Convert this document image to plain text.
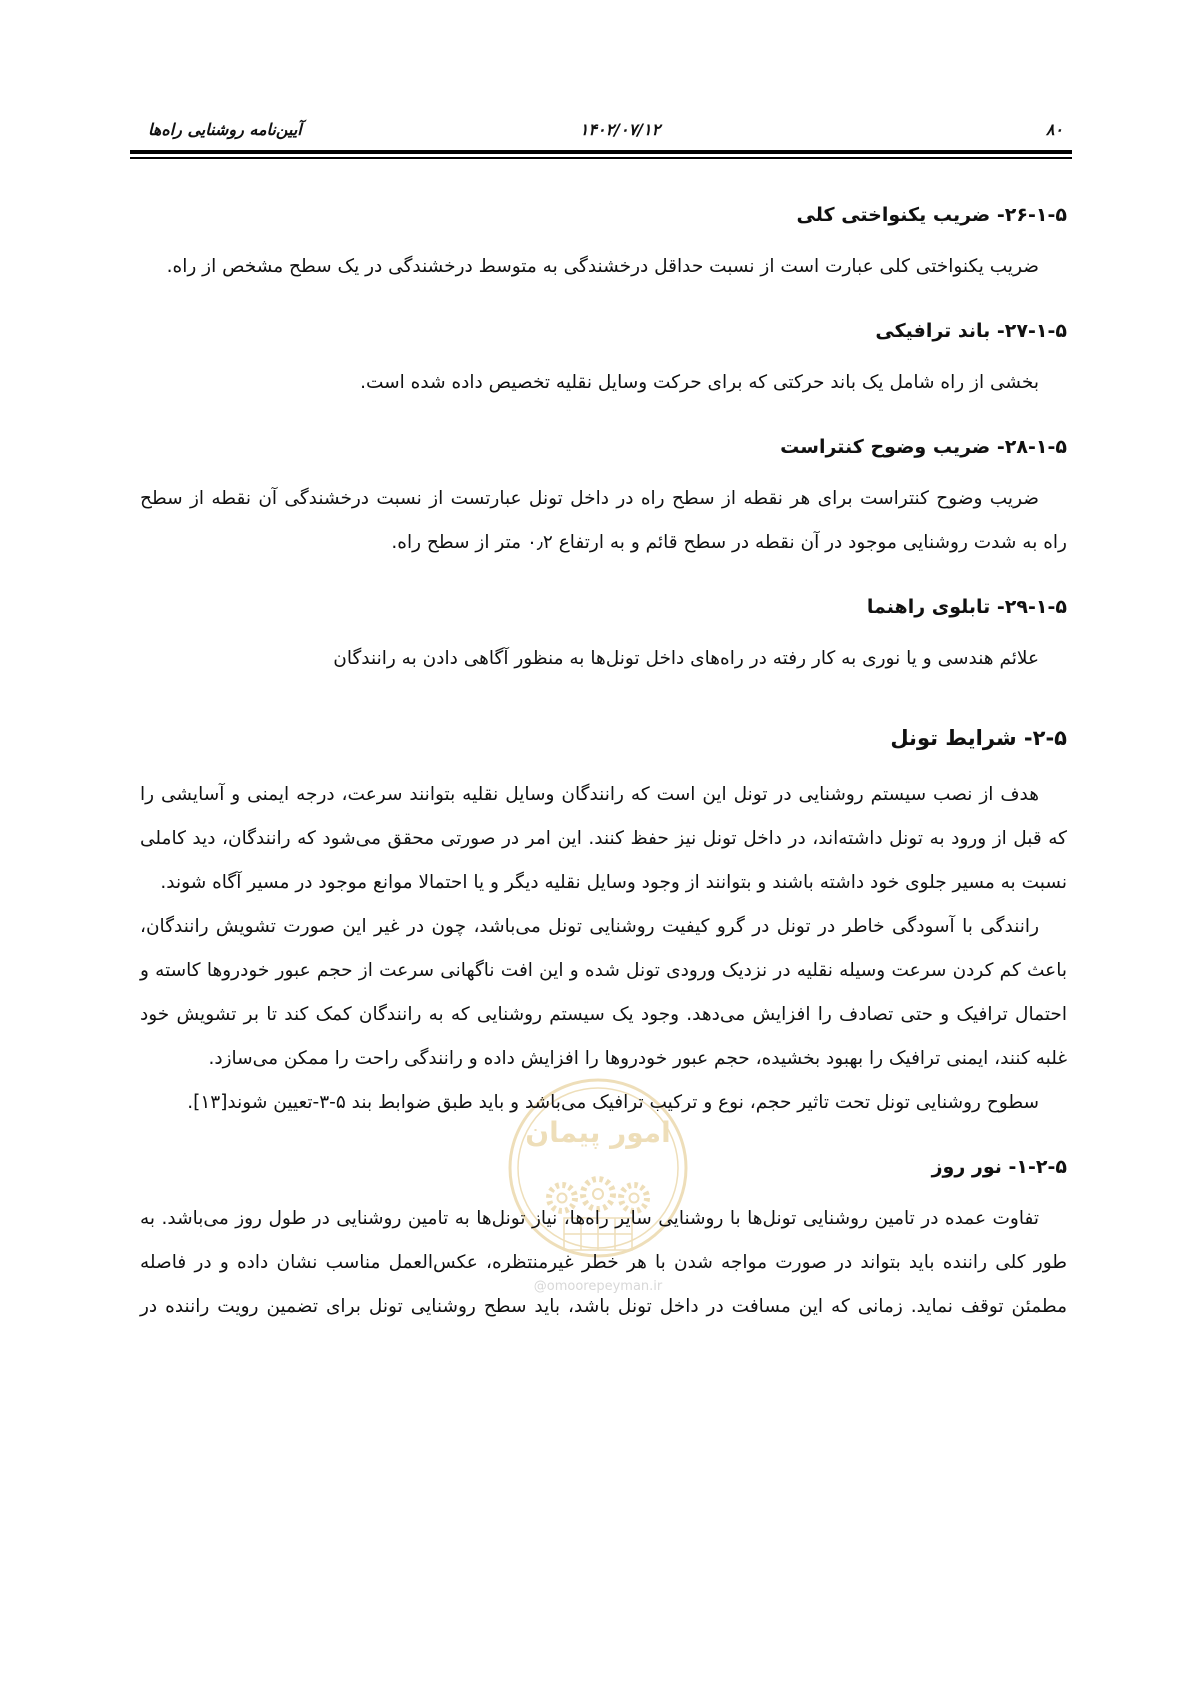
۸۰
۱۴۰۲/۰۷/۱۲
آیین‌نامه روشنایی راه‌ها
امور پیمان
@omoorepeyman.ir
۵-۱-۲۶- ضریب یکنواختی کلی

ضریب یکنواختی کلی عبارت است از نسبت حداقل درخشندگی به متوسط درخشندگی در یک سطح مشخص از راه.

۵-۱-۲۷- باند ترافیکی

بخشی از راه شامل یک باند حرکتی که برای حرکت وسایل نقلیه تخصیص داده شده است.

۵-۱-۲۸- ضریب وضوح کنتراست

ضریب وضوح کنتراست برای هر نقطه از سطح راه در داخل تونل عبارتست از نسبت درخشندگی آن نقطه از سطح راه به شدت روشنایی موجود در آن نقطه در سطح قائم و به ارتفاع ۰٫۲ متر از سطح راه.

۵-۱-۲۹- تابلوی راهنما

علائم هندسی و یا نوری به کار رفته در راه‌های داخل تونل‌ها به منظور آگاهی دادن به رانندگان

۵-۲- شرایط تونل

هدف از نصب سیستم روشنایی در تونل این است که رانندگان وسایل نقلیه بتوانند سرعت، درجه ایمنی و آسایشی را که قبل از ورود به تونل داشته‌اند، در داخل تونل نیز حفظ کنند. این امر در صورتی محقق می‌شود که رانندگان، دید کاملی نسبت به مسیر جلوی خود داشته باشند و بتوانند از وجود وسایل نقلیه دیگر و یا احتمالا موانع موجود در مسیر آگاه شوند.

رانندگی با آسودگی خاطر در تونل در گرو کیفیت روشنایی تونل می‌باشد، چون در غیر این صورت تشویش رانندگان، باعث کم کردن سرعت وسیله نقلیه در نزدیک ورودی تونل شده و این افت ناگهانی سرعت از حجم عبور خودروها کاسته و احتمال ترافیک و حتی تصادف را افزایش می‌دهد. وجود یک سیستم روشنایی که به رانندگان کمک کند تا بر تشویش خود غلبه کنند، ایمنی ترافیک را بهبود بخشیده، حجم عبور خودروها را افزایش داده و رانندگی راحت را ممکن می‌سازد.

سطوح روشنایی تونل تحت تاثیر حجم، نوع و ترکیب ترافیک می‌باشد و باید طبق ضوابط بند ۵-۳-تعیین شوند[۱۳].

۵-۲-۱- نور روز

تفاوت عمده در تامین روشنایی تونل‌ها با روشنایی سایر راه‌ها، نیاز تونل‌ها به تامین روشنایی در طول روز می‌باشد. به طور کلی راننده باید بتواند در صورت مواجه شدن با هر خطر غیرمنتظره، عکس‌العمل مناسب نشان داده و در فاصله مطمئن توقف نماید. زمانی که این مسافت در داخل تونل باشد، باید سطح روشنایی تونل برای تضمین رویت راننده در
